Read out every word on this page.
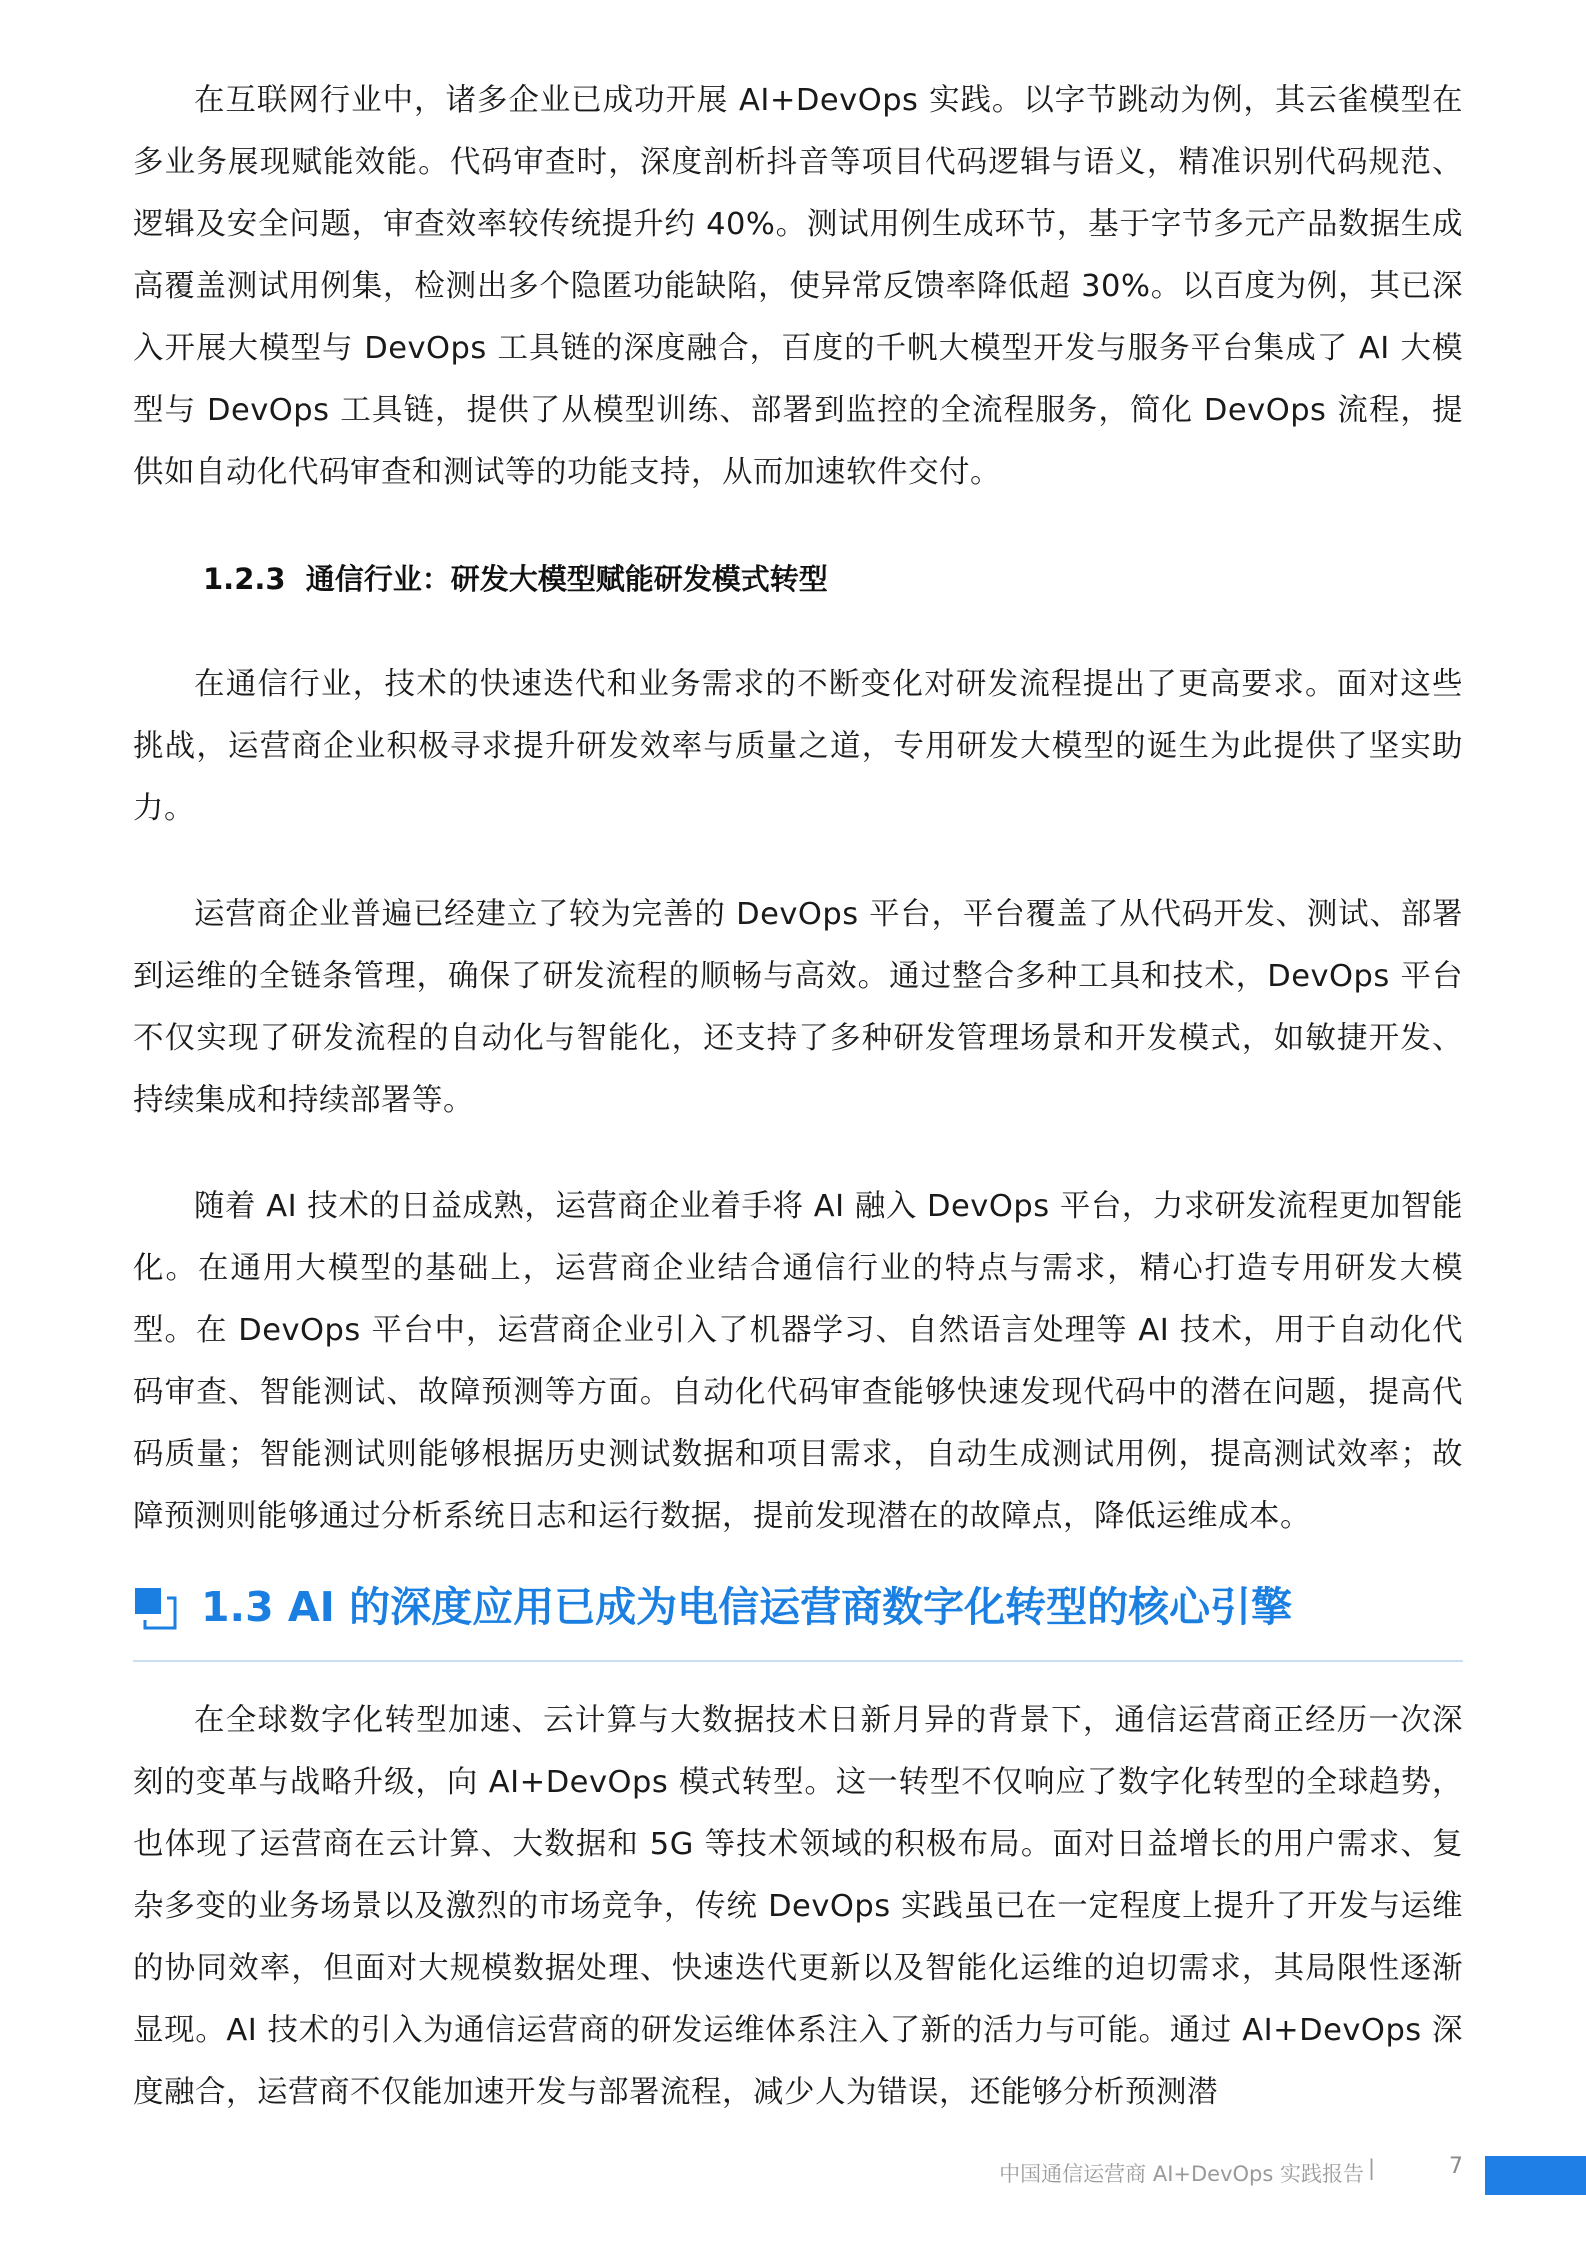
在互联网行业中，诸多企业已成功开展 AI+DevOps 实践。以字节跳动为例，其云雀模型在多业务展现赋能效能。代码审查时，深度剖析抖音等项目代码逻辑与语义，精准识别代码规范、逻辑及安全问题，审查效率较传统提升约 40%。测试用例生成环节，基于字节多元产品数据生成高覆盖测试用例集，检测出多个隐匿功能缺陷，使异常反馈率降低超 30%。以百度为例，其已深入开展大模型与 DevOps 工具链的深度融合，百度的千帆大模型开发与服务平台集成了 AI 大模型与 DevOps 工具链，提供了从模型训练、部署到监控的全流程服务，简化 DevOps 流程，提供如自动化代码审查和测试等的功能支持，从而加速软件交付。

1.2.3 通信行业：研发大模型赋能研发模式转型

在通信行业，技术的快速迭代和业务需求的不断变化对研发流程提出了更高要求。面对这些挑战，运营商企业积极寻求提升研发效率与质量之道，专用研发大模型的诞生为此提供了坚实助力。

运营商企业普遍已经建立了较为完善的 DevOps 平台，平台覆盖了从代码开发、测试、部署到运维的全链条管理，确保了研发流程的顺畅与高效。通过整合多种工具和技术，DevOps 平台不仅实现了研发流程的自动化与智能化，还支持了多种研发管理场景和开发模式，如敏捷开发、持续集成和持续部署等。

随着 AI 技术的日益成熟，运营商企业着手将 AI 融入 DevOps 平台，力求研发流程更加智能化。在通用大模型的基础上，运营商企业结合通信行业的特点与需求，精心打造专用研发大模型。在 DevOps 平台中，运营商企业引入了机器学习、自然语言处理等 AI 技术，用于自动化代码审查、智能测试、故障预测等方面。自动化代码审查能够快速发现代码中的潜在问题，提高代码质量；智能测试则能够根据历史测试数据和项目需求，自动生成测试用例，提高测试效率；故障预测则能够通过分析系统日志和运行数据，提前发现潜在的故障点，降低运维成本。

1.3 AI 的深度应用已成为电信运营商数字化转型的核心引擎

在全球数字化转型加速、云计算与大数据技术日新月异的背景下，通信运营商正经历一次深刻的变革与战略升级，向 AI+DevOps 模式转型。这一转型不仅响应了数字化转型的全球趋势，也体现了运营商在云计算、大数据和 5G 等技术领域的积极布局。面对日益增长的用户需求、复杂多变的业务场景以及激烈的市场竞争，传统 DevOps 实践虽已在一定程度上提升了开发与运维的协同效率，但面对大规模数据处理、快速迭代更新以及智能化运维的迫切需求，其局限性逐渐显现。AI 技术的引入为通信运营商的研发运维体系注入了新的活力与可能。通过 AI+DevOps 深度融合，运营商不仅能加速开发与部署流程，减少人为错误，还能够分析预测潜

中国通信运营商 AI+DevOps 实践报告 |	7
